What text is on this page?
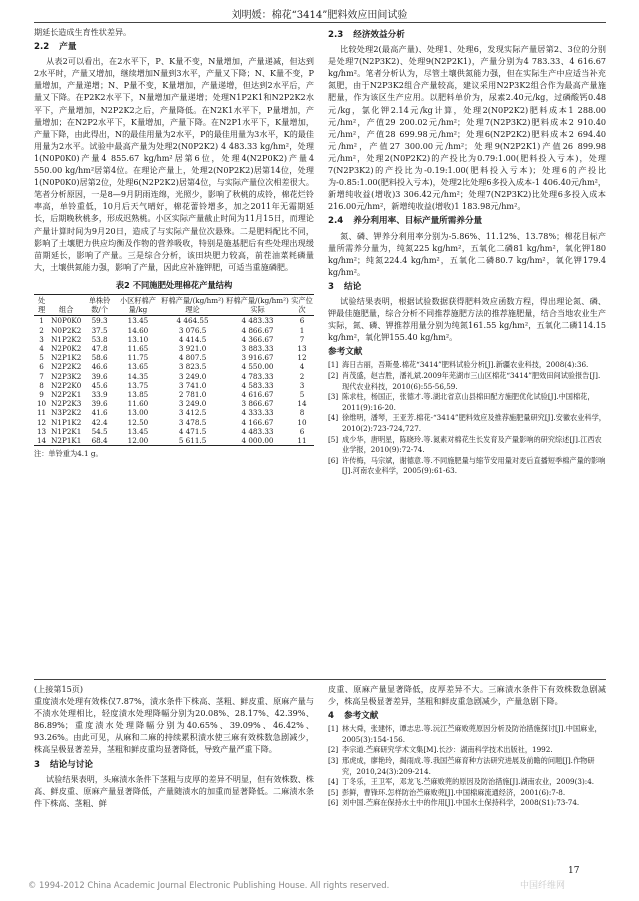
刘明媛：棉花“3414”肥料效应田间试验

期延长造成生育性状差异。

2.2 产量

从表2可以看出，在2水平下，P、K量不变，N量增加，产量递减，但达到2水平时，产量又增加，继续增加N量到3水平，产量又下降；N、K量不变，P量增加，产量递增；N、P量不变，K量增加，产量递增，但达到2水平后，产量又下降。在P2K2水平下，N量增加产量递增；处理N1P2K1和N2P2K2水平下，产量增加，N2P2K2之后，产量降低。在N2K1水平下，P量增加，产量增加；在N2P2水平下，K量增加，产量下降。在N2P1水平下，K量增加，产量下降，由此得出，N的最佳用量为2水平，P的最佳用量为3水平，K的最佳用量为2水平。试验中最高产量为处理2(N0P2K2) 4 483.33 kg/hm²，处理1(N0P0K0)产量4 855.67 kg/hm²居第6位，处理4(N2P0K2)产量4 550.00 kg/hm²居第4位。在理论产量上，处理2(N0P2K2)居第14位，处理1(N0P0K0)居第2位，处理6(N2P2K2)居第4位，与实际产量位次相差很大。笔者分析原因，一是8—9月阴雨连绵，光照少，影响了秋桃的成铃，棉花烂铃率高，单铃重低，10月后天气晴好，棉花蕾铃增多，加之2011年无霜期延长，后期晚秋桃多，形成迟熟桃。小区实际产量截止时间为11月15日，而理论产量计算时间为9月20日，造成了与实际产量位次悬殊。二是肥料配比不同，影响了土壤肥力供应均衡及作物的营养吸收，特别是施基肥后有些处理出现缓苗期延长，影响了产量。三是综合分析，该田块肥力较高，前茬油菜耗磷量大，土壤供氮能力强，影响了产量，因此应补施钾肥，可适当重施磷肥。

表2 不同施肥处理棉花产量结构
处理	组合	单株铃数/个	小区籽棉产量/kg	籽棉产量/(kg/hm²)理论	籽棉产量/(kg/hm²)实际	实产位次
1	N0P0K0	59.3	13.45	4 464.55	4 483.33	6
2	N0P2K2	37.5	14.60	3 076.5	4 866.67	1
3	N1P2K2	53.8	13.10	4 414.5	4 366.67	7
4	N2P0K2	47.8	11.65	3 921.0	3 883.33	13
5	N2P1K2	58.6	11.75	4 807.5	3 916.67	12
6	N2P2K2	46.6	13.65	3 823.5	4 550.00	4
7	N2P3K2	39.6	14.35	3 249.0	4 783.33	2
8	N2P2K0	45.6	13.75	3 741.0	4 583.33	3
9	N2P2K1	33.9	13.85	2 781.0	4 616.67	5
10	N2P2K3	39.6	11.60	3 249.0	3 866.67	14
11	N3P2K2	41.6	13.00	3 412.5	4 333.33	8
12	N1P1K2	42.4	12.50	3 478.5	4 166.67	10
13	N1P2K1	54.5	13.45	4 471.5	4 483.33	6
14	N2P1K1	68.4	12.00	5 611.5	4 000.00	11
注：单铃重为4.1 g。
2.3 经济效益分析

比较处理2(最高产量)、处理1、处理6，发现实际产量居第2、3位的分别是处理7(N2P3K2)、处理9(N2P2K1)，产量分别为4 783.33、4 616.67 kg/hm²。笔者分析认为，尽管土壤供氮能力强，但在实际生产中应适当补充氮肥，由于N2P3K2组合产量较高，建议采用N2P3K2组合作为最高产量施肥量，作为该区生产应用。以肥料单价为，尿素2.40元/kg，过磷酸钙0.48元/kg，氯化钾2.14元/kg计算，处理2(N0P2K2)肥料成本1 288.00元/hm²，产值29 200.02元/hm²；处理7(N2P3K2)肥料成本2 910.40元/hm²，产值28 699.98元/hm²；处理6(N2P2K2)肥料成本2 694.40元/hm²，产值27 300.00元/hm²；处理9(N2P2K1)产值26 899.98元/hm²，处理2(N0P2K2)的产投比为0.79:1.00(肥料投入亏本)，处理7(N2P3K2)的产投比为-0.19:1.00(肥料投入亏本)；处理6的产投比为-0.85:1.00(肥料投入亏本)，处理2比处理6多投入成本-1 406.40元/hm²，新增纯收益(增收)3 306.42元/hm²；处理7(N2P3K2)比处理6多投入成本216.00元/hm²，新增纯收益(增收)1 183.98元/hm²。

2.4 养分利用率、目标产量所需养分量

氮、磷、钾养分利用率分别为-5.86%、11.12%、13.78%；棉花目标产量所需养分量为，纯氮225 kg/hm²，五氧化二磷81 kg/hm²，氧化钾180 kg/hm²；纯氮224.4 kg/hm²，五氧化二磷80.7 kg/hm²，氧化钾179.4 kg/hm²。

3 结论

试验结果表明，根据试验数据获得肥料效应函数方程，得出理论氮、磷、钾最佳施肥量，综合分析不同推荐施肥方法的推荐施肥量，结合当地农业生产实际，氮、磷、钾推荐用量分别为纯氮161.55 kg/hm²，五氧化二磷114.15 kg/hm²，氧化钾155.40 kg/hm²。

参考文献
[1] 海日古丽，吾斯曼.棉花“3414”肥料试验分析[J].新疆农业科技，2008(4):36.
[2] 肖茂盛，赵吉胜，潘礼斌.2009年芜湖市三山区棉花“3414”肥效田间试验报告[J].现代农业科技，2010(6):55-56,59.
[3] 陈求柱，杨国正，张德才.等.湖北省京山县棉田配方施肥优化试验[J].中国棉花，2011(9):16-20.
[4] 徐维明，潘琴，王亚芳.棉花-“3414”肥料效应及推荐施肥量研究[J].安徽农业科学，2010(2):723-724,727.
[5] 成少华，唐明星，陈晓玲.等.氮素对棉花生长发育及产量影响的研究综述[J].江西农业学报，2010(9):72-74.
[6] 许传梅，马宗斌，谢德意.等.不同施肥量与缩节安用量对麦后直播短季棉产量的影响[J].河南农业科学，2005(9):61-63.

(上接第15页)

重度渍水处理有效株仅7.87%，渍水条件下株高、茎粗、鲜皮重、原麻产量与不渍水处理相比，轻度渍水处理降幅分别为20.08%、28.17%、42.39%、86.89%；重度渍水处理降幅分别为40.65%、39.09%、46.42%、93.26%。由此可见，从麻和二麻的持续累积渍水使三麻有效株数急剧减少，株高呈极显著差异，茎粗和鲜皮重均显著降低，导致产量严重下降。

3 结论与讨论

试验结果表明，头麻渍水条件下茎粗与皮厚的差异不明显，但有效株数、株高、鲜皮重、原麻产量显著降低，产量随渍水的加重而显著降低。二麻渍水条件下株高、茎粗、鲜

皮重、原麻产量显著降低，皮厚差异不大。三麻渍水条件下有效株数急剧减少，株高呈极显著差异，茎粗和鲜皮重急剧减少，产量急剧下降。

4 参考文献
[1] 林大舜，张建怀，谭志忠.等.沅江苎麻败蔸原因分析及防治措施探讨[J].中国麻业，2005(3):154-156.
[2] 李宗道.苎麻研究学术文集[M].长沙：湖南科学技术出版社，1992.
[3] 邢虎成，廖艳玲，揭雨成.等.我国苎麻育种方法研究进展及前瞻的问题[J].作物研究，2010,24(3):209-214.
[4] 丁冬乐，王卫军，邓龙飞.苎麻败蔸的原因及防治措施[J].湖南农业，2009(3):4.
[5] 彭鲜，曹锋环.怎样防治苎麻败蔸[J].中国棉麻流通经济，2001(6):7-8.
[6] 刘中国.苎麻在保持水土中的作用[J].中国水土保持科学，2008(S1):73-74.
17
© 1994-2012 China Academic Journal Electronic Publishing House. All rights reserved.	中国纤维网
